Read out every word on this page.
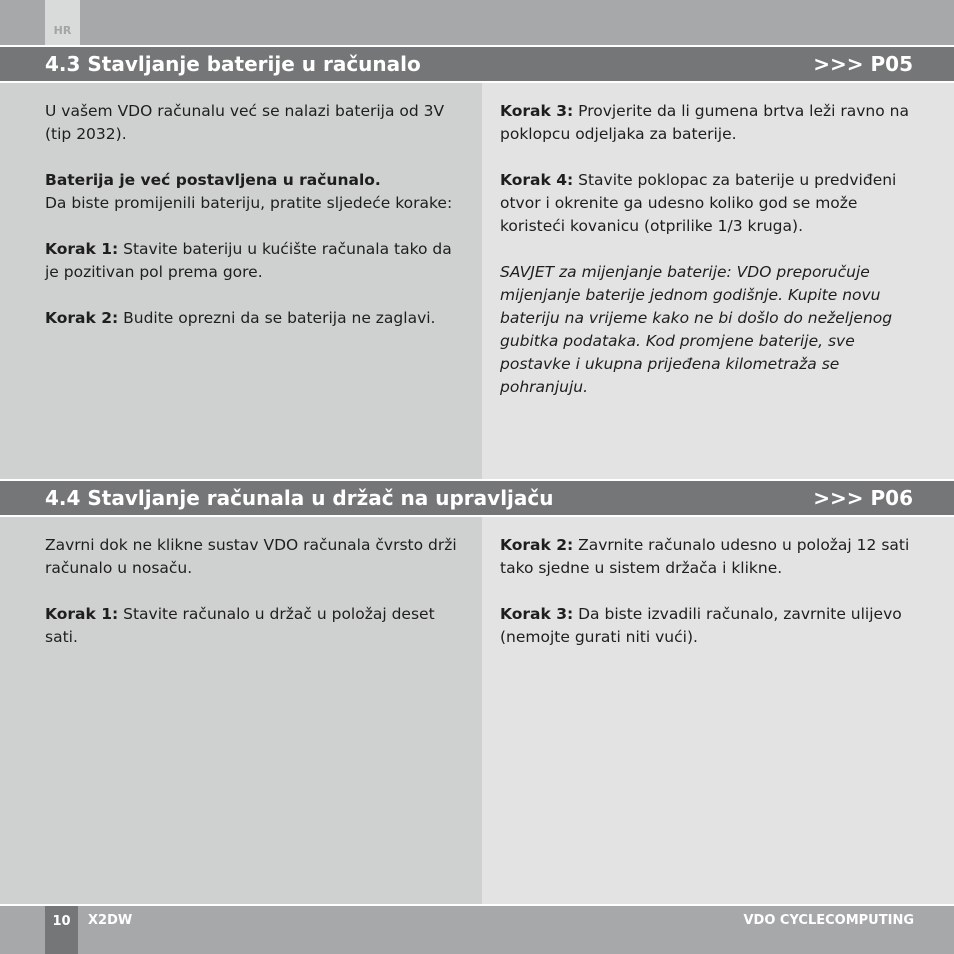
HR
4.3 Stavljanje baterije u računalo	>>> P05

U vašem VDO računalu već se nalazi baterija od 3V (tip 2032).

Baterija je već postavljena u računalo.
Da biste promijenili bateriju, pratite sljedeće korake:

Korak 1: Stavite bateriju u kućište računala tako da je pozitivan pol prema gore.

Korak 2: Budite oprezni da se baterija ne zaglavi.

Korak 3: Provjerite da li gumena brtva leži ravno na poklopcu odjeljaka za baterije.

Korak 4: Stavite poklopac za baterije u predviđeni otvor i okrenite ga udesno koliko god se može koristeći kovanicu (otprilike 1/3 kruga).

SAVJET za mijenjanje baterije: VDO preporučuje mijenjanje baterije jednom godišnje. Kupite novu bateriju na vrijeme kako ne bi došlo do neželjenog gubitka podataka. Kod promjene baterije, sve postavke i ukupna prijeđena kilometraža se pohranjuju.

4.4 Stavljanje računala u držač na upravljaču	>>> P06

Zavrni dok ne klikne sustav VDO računala čvrsto drži računalo u nosaču.

Korak 1: Stavite računalo u držač u položaj deset sati.

Korak 2: Zavrnite računalo udesno u položaj 12 sati tako sjedne u sistem držača i klikne.

Korak 3: Da biste izvadili računalo, zavrnite ulijevo (nemojte gurati niti vući).

10	X2DW	VDO CYCLECOMPUTING
